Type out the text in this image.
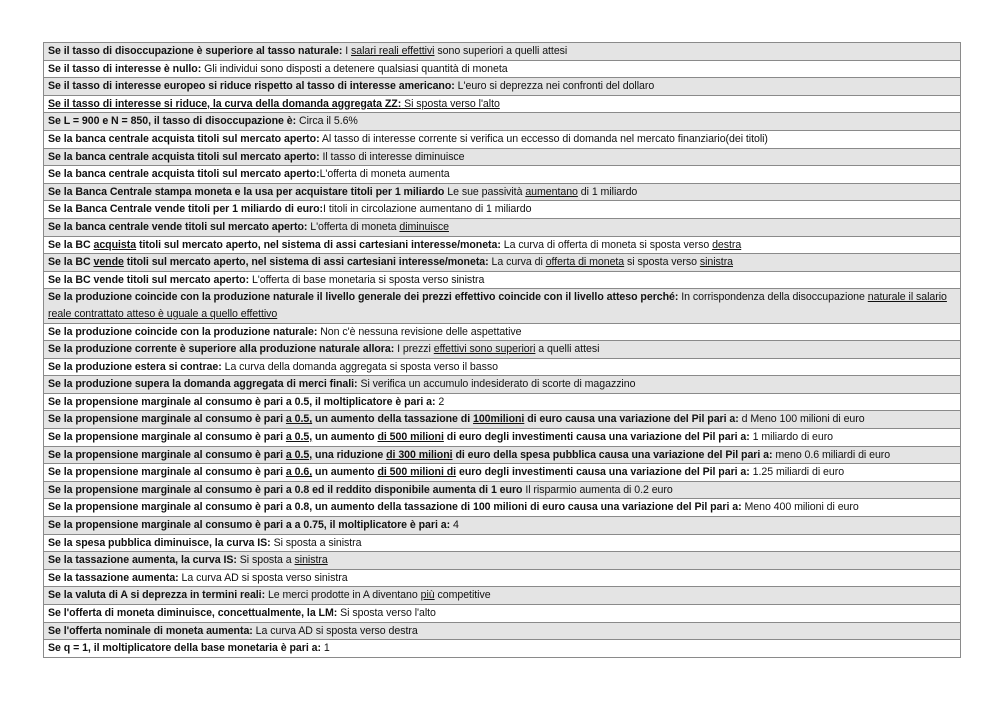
Se il tasso di disoccupazione è superiore al tasso naturale: I salari reali effettivi sono superiori a quelli attesi
Se il tasso di interesse è nullo: Gli individui sono disposti a detenere qualsiasi quantità di moneta
Se il tasso di interesse europeo si riduce rispetto al tasso di interesse americano: L'euro si deprezza nei confronti del dollaro
Se il tasso di interesse si riduce, la curva della domanda aggregata ZZ: Si sposta verso l'alto
Se L = 900 e N = 850, il tasso di disoccupazione è: Circa il 5.6%
Se la banca centrale acquista titoli sul mercato aperto: Al tasso di interesse corrente si verifica un eccesso di domanda nel mercato finanziario(dei titoli)
Se la banca centrale acquista titoli sul mercato aperto: Il tasso di interesse diminuisce
Se la banca centrale acquista titoli sul mercato aperto:L'offerta di moneta aumenta
Se la Banca Centrale stampa moneta e la usa per acquistare titoli per 1 miliardo Le sue passività aumentano di 1 miliardo
Se la Banca Centrale vende titoli per 1 miliardo di euro:I titoli in circolazione aumentano di 1 miliardo
Se la banca centrale vende titoli sul mercato aperto: L'offerta di moneta diminuisce
Se la BC acquista titoli sul mercato aperto, nel sistema di assi cartesiani interesse/moneta: La curva di offerta di moneta si sposta verso destra
Se la BC vende titoli sul mercato aperto, nel sistema di assi cartesiani interesse/moneta: La curva di offerta di moneta si sposta verso sinistra
Se la BC vende titoli sul mercato aperto: L'offerta di base monetaria si sposta verso sinistra
Se la produzione coincide con la produzione naturale il livello generale dei prezzi effettivo coincide con il livello atteso perché: In corrispondenza della disoccupazione naturale il salario reale contrattato atteso è uguale a quello effettivo
Se la produzione coincide con la produzione naturale: Non c'è nessuna revisione delle aspettative
Se la produzione corrente è superiore alla produzione naturale allora: I prezzi effettivi sono superiori a quelli attesi
Se la produzione estera si contrae: La curva della domanda aggregata si sposta verso il basso
Se la produzione supera la domanda aggregata di merci finali: Si verifica un accumulo indesiderato di scorte di magazzino
Se la propensione marginale al consumo è pari a 0.5, il moltiplicatore è pari a: 2
Se la propensione marginale al consumo è pari a 0.5, un aumento della tassazione di 100milioni di euro causa una variazione del Pil pari a: d Meno 100 milioni di euro
Se la propensione marginale al consumo è pari a 0.5, un aumento di 500 milioni di euro degli investimenti causa una variazione del Pil pari a: 1 miliardo di euro
Se la propensione marginale al consumo è pari a 0.5, una riduzione di 300 milioni di euro della spesa pubblica causa una variazione del Pil pari a: meno 0.6 miliardi di euro
Se la propensione marginale al consumo è pari a 0.6, un aumento di 500 milioni di euro degli investimenti causa una variazione del Pil pari a: 1.25 miliardi di euro
Se la propensione marginale al consumo è pari a 0.8 ed il reddito disponibile aumenta di 1 euro Il risparmio aumenta di 0.2 euro
Se la propensione marginale al consumo è pari a 0.8, un aumento della tassazione di 100 milioni di euro causa una variazione del Pil pari a: Meno 400 milioni di euro
Se la propensione marginale al consumo è pari a a 0.75, il moltiplicatore è pari a: 4
Se la spesa pubblica diminuisce, la curva IS: Si sposta a sinistra
Se la tassazione aumenta, la curva IS: Si sposta a sinistra
Se la tassazione aumenta: La curva AD si sposta verso sinistra
Se la valuta di A si deprezza in termini reali: Le merci prodotte in A diventano più competitive
Se l'offerta di moneta diminuisce, concettualmente, la LM: Si sposta verso l'alto
Se l'offerta nominale di moneta aumenta: La curva AD si sposta verso destra
Se q = 1, il moltiplicatore della base monetaria è pari a: 1
